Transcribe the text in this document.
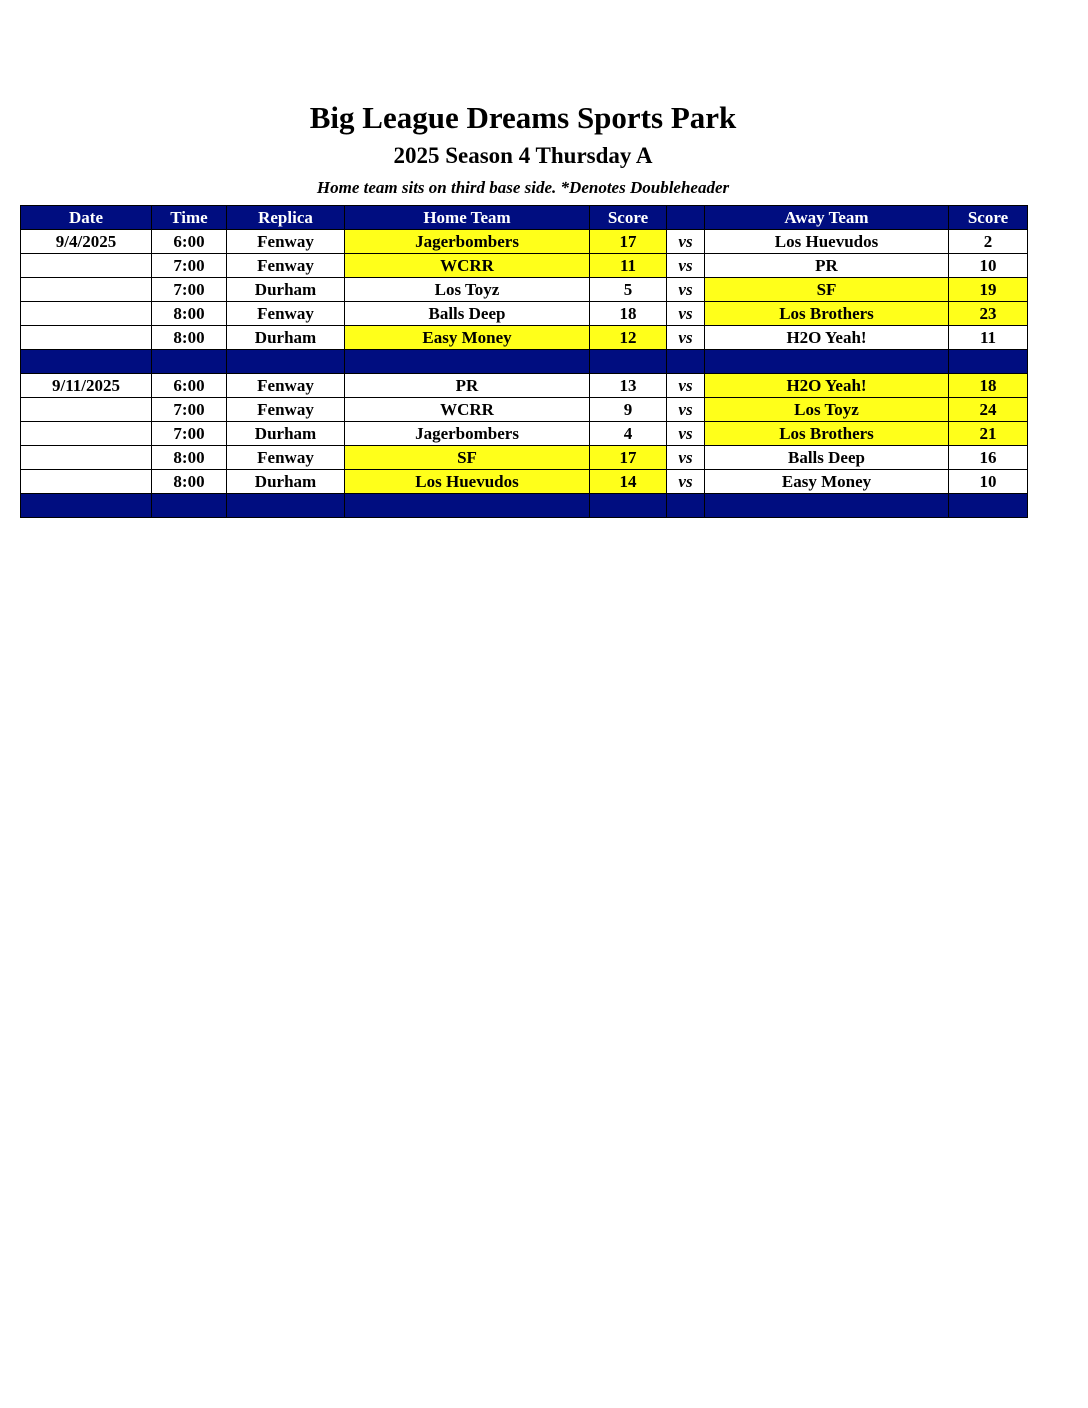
Big League Dreams Sports Park
2025 Season 4 Thursday A
Home team sits on third base side. *Denotes Doubleheader
Date	Time	Replica	Home Team	Score		Away Team	Score
9/4/2025	6:00	Fenway	Jagerbombers	17	vs	Los Huevudos	2
	7:00	Fenway	WCRR	11	vs	PR	10
	7:00	Durham	Los Toyz	5	vs	SF	19
	8:00	Fenway	Balls Deep	18	vs	Los Brothers	23
	8:00	Durham	Easy Money	12	vs	H2O Yeah!	11

9/11/2025	6:00	Fenway	PR	13	vs	H2O Yeah!	18
	7:00	Fenway	WCRR	9	vs	Los Toyz	24
	7:00	Durham	Jagerbombers	4	vs	Los Brothers	21
	8:00	Fenway	SF	17	vs	Balls Deep	16
	8:00	Durham	Los Huevudos	14	vs	Easy Money	10
